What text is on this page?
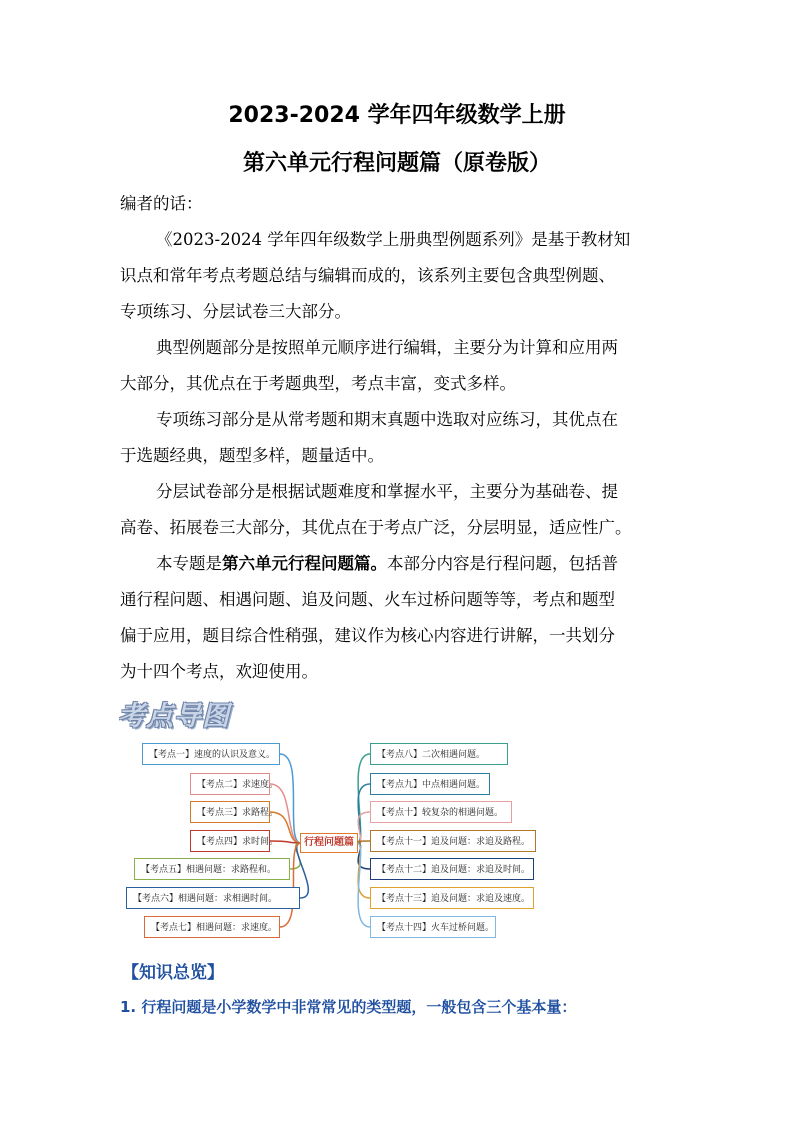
2023-2024 学年四年级数学上册
第六单元行程问题篇（原卷版）
编者的话：
《2023-2024 学年四年级数学上册典型例题系列》是基于教材知
识点和常年考点考题总结与编辑而成的，该系列主要包含典型例题、
专项练习、分层试卷三大部分。
典型例题部分是按照单元顺序进行编辑，主要分为计算和应用两
大部分，其优点在于考题典型，考点丰富，变式多样。
专项练习部分是从常考题和期末真题中选取对应练习，其优点在
于选题经典，题型多样，题量适中。
分层试卷部分是根据试题难度和掌握水平，主要分为基础卷、提
高卷、拓展卷三大部分，其优点在于考点广泛，分层明显，适应性广。
本专题是第六单元行程问题篇。本部分内容是行程问题，包括普
通行程问题、相遇问题、追及问题、火车过桥问题等等，考点和题型
偏于应用，题目综合性稍强，建议作为核心内容进行讲解，一共划分
为十四个考点，欢迎使用。
考点导图
行程问题篇
【考点一】速度的认识及意义。
【考点二】求速度。
【考点三】求路程。
【考点四】求时间。
【考点五】相遇问题：求路程和。
【考点六】相遇问题：求相遇时间。
【考点七】相遇问题：求速度。
【考点八】二次相遇问题。
【考点九】中点相遇问题。
【考点十】较复杂的相遇问题。
【考点十一】追及问题：求追及路程。
【考点十二】追及问题：求追及时间。
【考点十三】追及问题：求追及速度。
【考点十四】火车过桥问题。
【知识总览】
1. 行程问题是小学数学中非常常见的类型题，一般包含三个基本量：
